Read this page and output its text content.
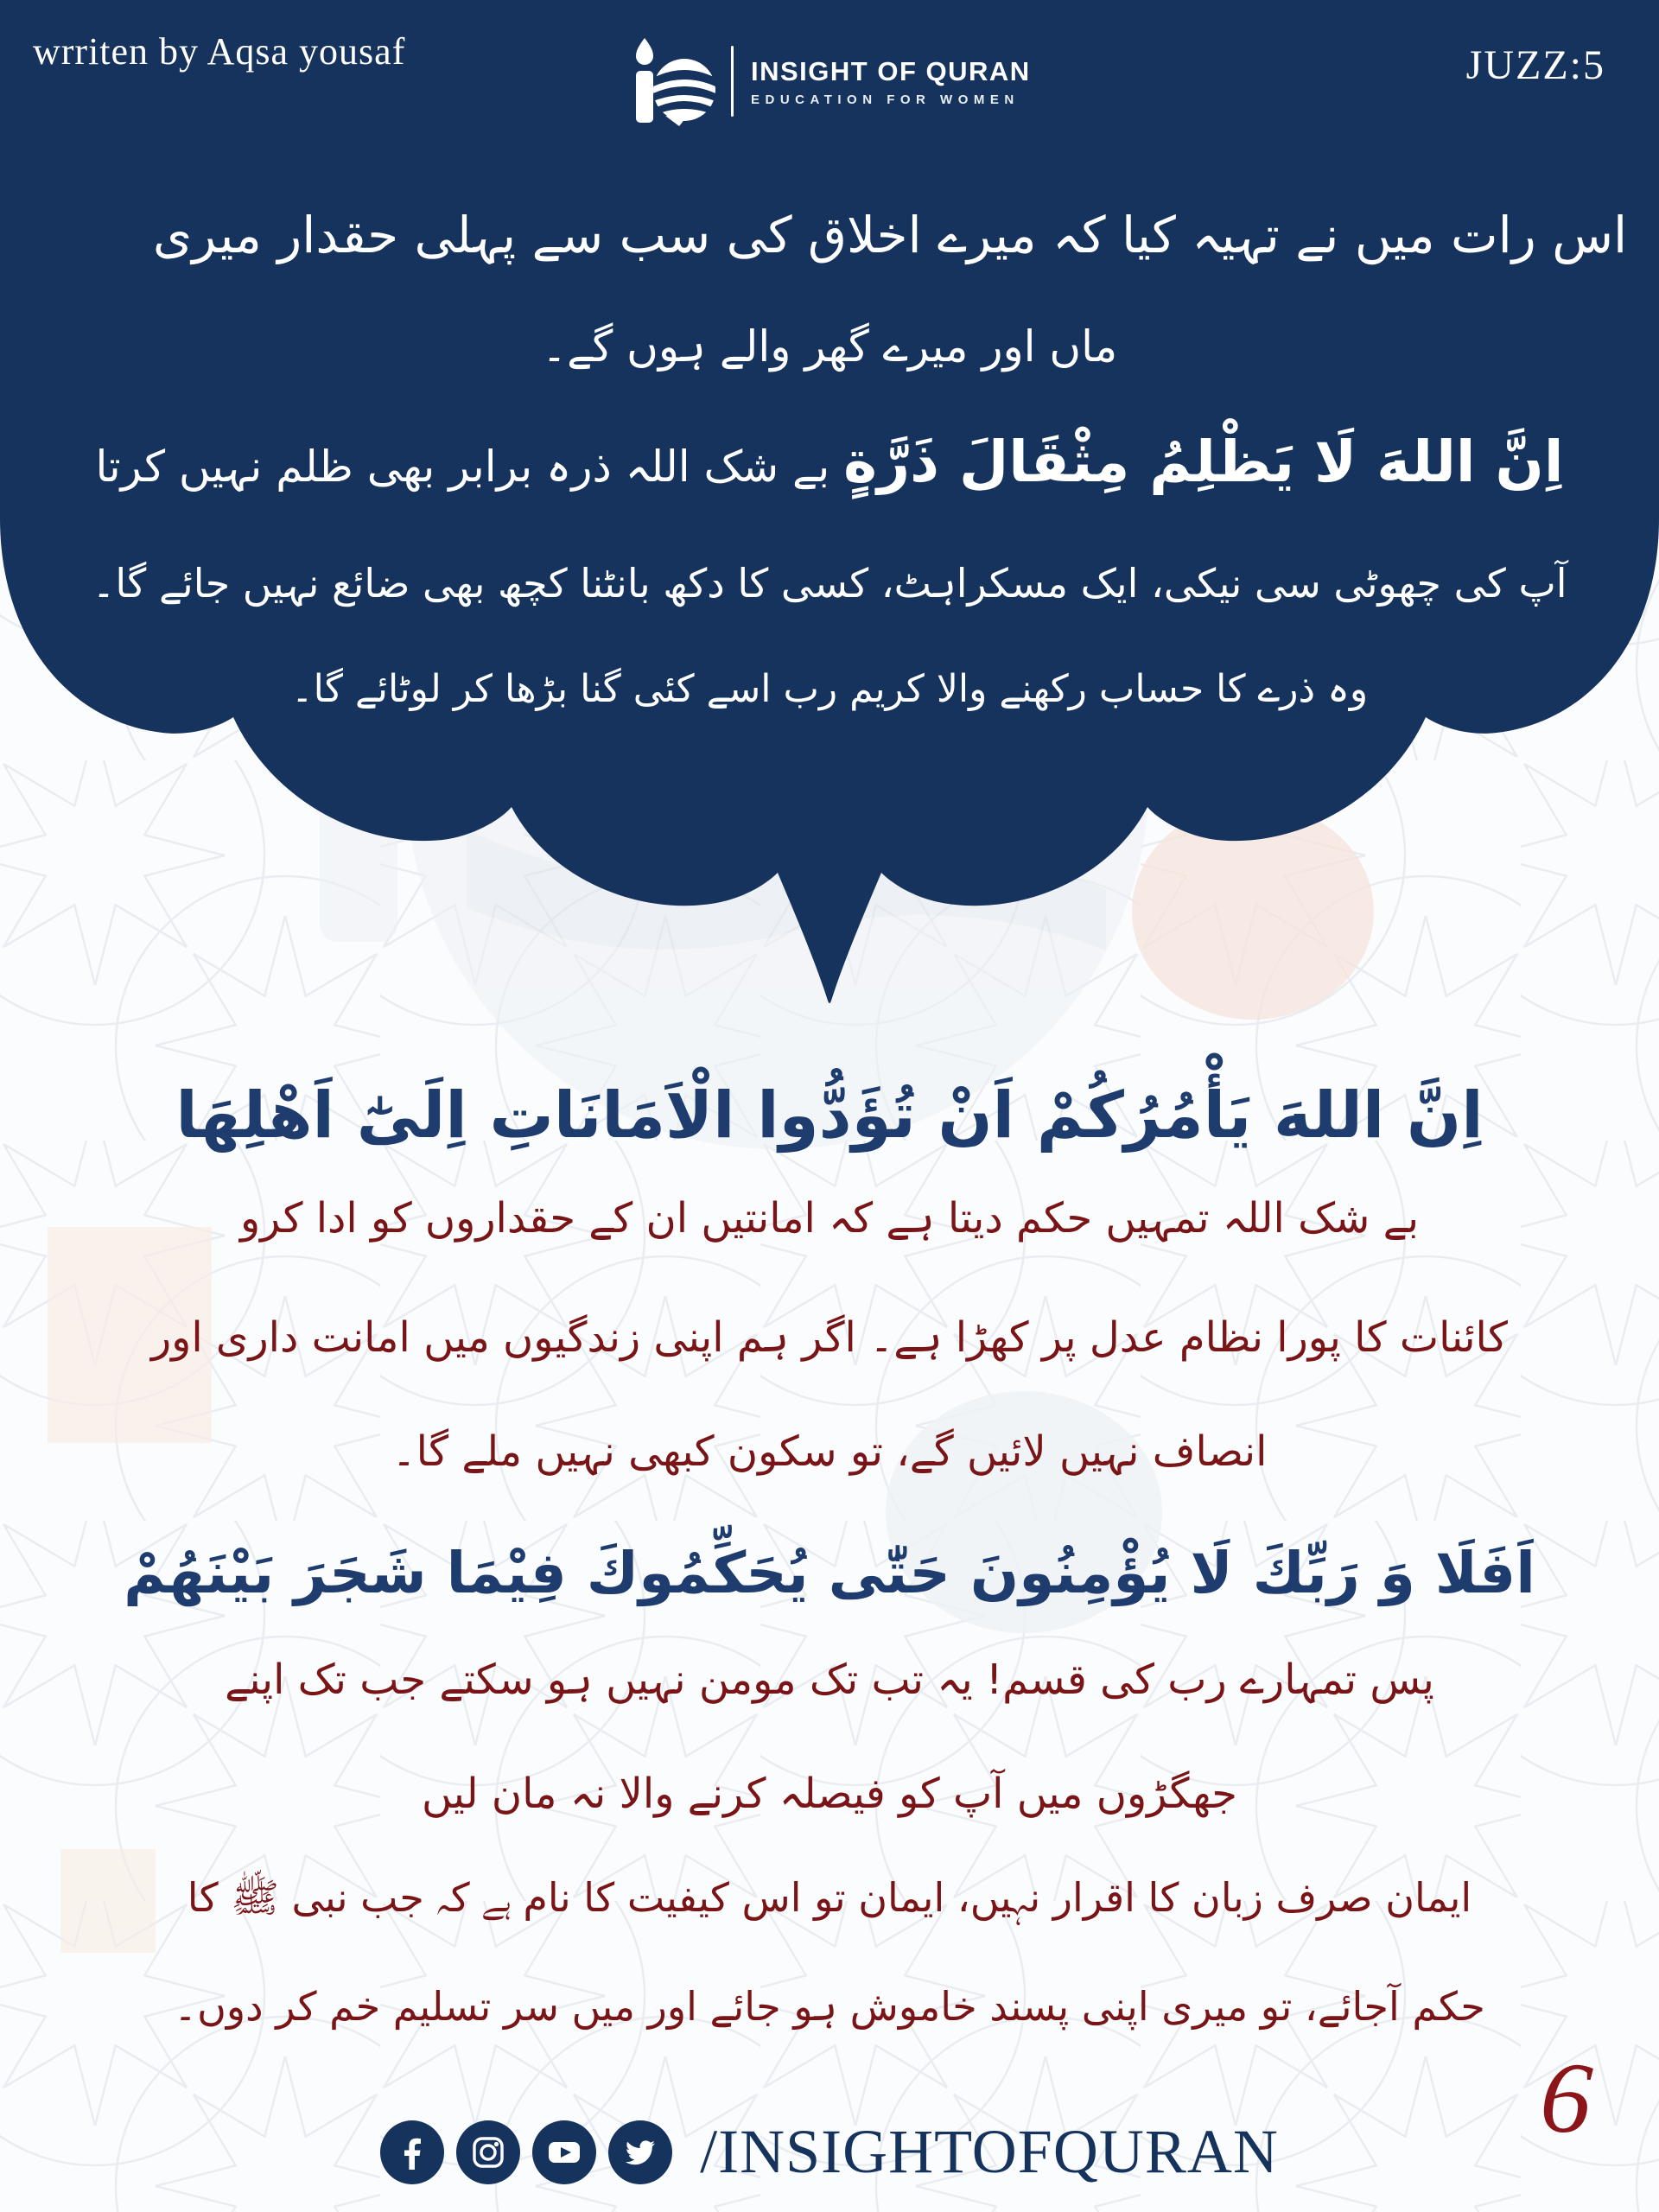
wrriten by Aqsa yousaf	INSIGHT OF QURAN
EDUCATION FOR WOMEN
JUZZ:5
اس رات میں نے تہیہ کیا کہ میرے اخلاق کی سب سے پہلی حقدار میری
ماں اور میرے گھر والے ہوں گے۔
اِنَّ اللهَ لَا يَظْلِمُ مِثْقَالَ ذَرَّةٍ بے شک اللہ ذرہ برابر بھی ظلم نہیں کرتا
آپ کی چھوٹی سی نیکی، ایک مسکراہٹ، کسی کا دکھ بانٹنا کچھ بھی ضائع نہیں جائے گا۔
وہ ذرے کا حساب رکھنے والا کریم رب اسے کئی گنا بڑھا کر لوٹائے گا۔
اِنَّ اللهَ يَأْمُرُكُمْ اَنْ تُؤَدُّوا الْاَمَانَاتِ اِلَىٰٓ اَهْلِهَا
بے شک اللہ تمہیں حکم دیتا ہے کہ امانتیں ان کے حقداروں کو ادا کرو
کائنات کا پورا نظام عدل پر کھڑا ہے۔ اگر ہم اپنی زندگیوں میں امانت داری اور
انصاف نہیں لائیں گے، تو سکون کبھی نہیں ملے گا۔
اَفَلَا وَ رَبِّكَ لَا يُؤْمِنُونَ حَتّٰى يُحَكِّمُوكَ فِيْمَا شَجَرَ بَيْنَهُمْ
پس تمہارے رب کی قسم! یہ تب تک مومن نہیں ہو سکتے جب تک اپنے
جھگڑوں میں آپ کو فیصلہ کرنے والا نہ مان لیں
ایمان صرف زبان کا اقرار نہیں، ایمان تو اس کیفیت کا نام ہے کہ جب نبی ﷺ کا
حکم آجائے، تو میری اپنی پسند خاموش ہو جائے اور میں سر تسلیم خم کر دوں۔
/INSIGHTOFQURAN	6
